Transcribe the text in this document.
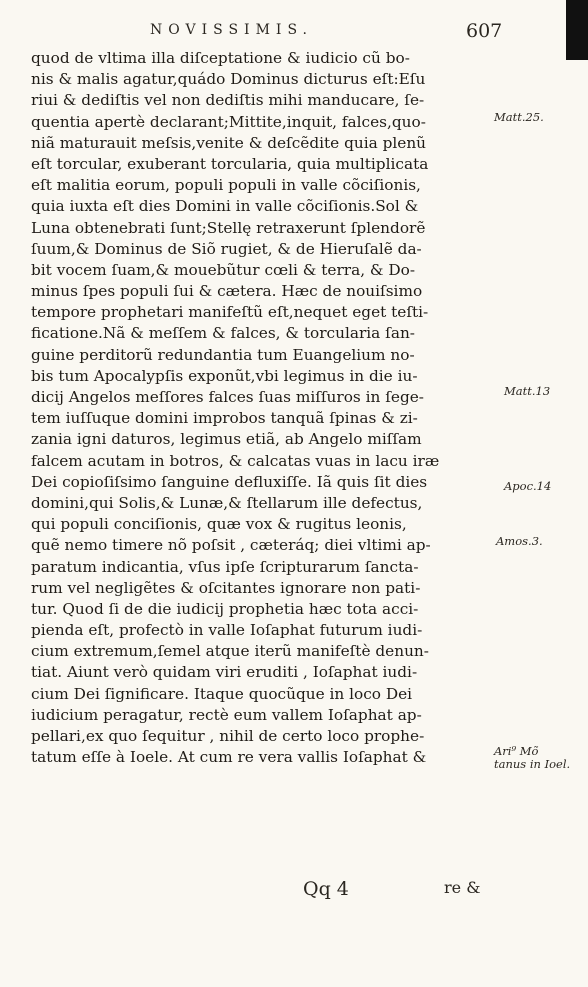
NOVISSIMIS.	607
quod de vltima illa diſceptatione & iudicio cũ bo-
nis & malis agatur,quádo Dominus dicturus eſt:Eſu
riui & dediſtis vel non dediſtis mihi manducare, ſe-
quentia apertè declarant;Mittite,inquit, falces,quo-
niã maturauit meſsis,venite & deſcẽdite quia plenũ
eſt torcular, exuberant torcularia, quia multiplicata
eſt malitia eorum, populi populi in valle cõciſionis,
quia iuxta eſt dies Domini in valle cõciſionis.Sol &
Luna obtenebrati ſunt;Stellę retraxerunt ſplendorẽ
ſuum,& Dominus de Siõ rugiet, & de Hieruſalẽ da-
bit vocem ſuam,& mouebũtur cœli & terra, & Do-
minus ſpes populi ſui & cætera. Hæc de nouiſsimo
tempore prophetari manifeſtũ eſt,nequet eget teſti-
ficatione.Nã & meſſem & falces, & torcularia ſan-
guine perditorũ redundantia tum Euangelium no-
bis tum Apocalypſis exponũt,vbi legimus in die iu-
dicij Angelos meſſores falces ſuas miſſuros in ſege-
tem iuſſuque domini improbos tanquã ſpinas & zi-
zania igni daturos, legimus etiã, ab Angelo miſſam
falcem acutam in botros, & calcatas vuas in lacu iræ
Dei copioſiſsimo ſanguine defluxiſſe. Iã quis ſit dies
domini,qui Solis,& Lunæ,& ſtellarum ille defectus,
qui populi conciſionis, quæ vox & rugitus leonis,
quẽ nemo timere nõ poſsit , cæteráq; diei vltimi ap-
paratum indicantia, vſus ipſe ſcripturarum ſancta-
rum vel negligẽtes & oſcitantes ignorare non pati-
tur. Quod ſi de die iudicij prophetia hæc tota acci-
pienda eſt, profectò in valle Ioſaphat futurum iudi-
cium extremum,ſemel atque iterũ manifeſtè denun-
tiat. Aiunt verò quidam viri eruditi , Ioſaphat iudi-
cium Dei ſignificare. Itaque quocũque in loco Dei
iudicium peragatur, rectè eum vallem Ioſaphat ap-
pellari,ex quo ſequitur , nihil de certo loco prophe-
tatum eſſe à Ioele. At cum re vera vallis Ioſaphat &
Matt.25.
Matt.13
Apoc.14
Amos.3.
Ari⁹ Mõ tanus in Ioel.
Qq 4	re &
